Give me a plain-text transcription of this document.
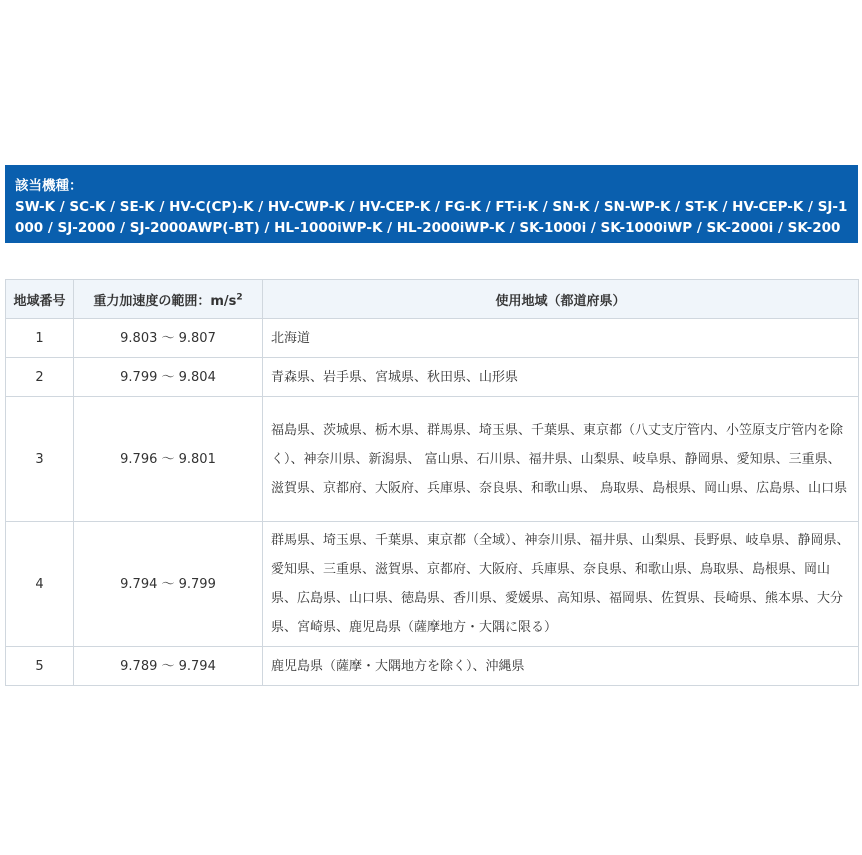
該当機種：
SW-K / SC-K / SE-K / HV-C(CP)-K / HV-CWP-K / HV-CEP-K / FG-K / FT-i-K / SN-K / SN-WP-K / ST-K / HV-CEP-K / SJ-1000 / SJ-2000 / SJ-2000AWP(-BT) / HL-1000iWP-K / HL-2000iWP-K / SK-1000i / SK-1000iWP / SK-2000i / SK-2000iWP
地域番号	重力加速度の範囲：$m/s^2$	使用地域（都道府県）
1	9.803 ～ 9.807	北海道
2	9.799 ～ 9.804	青森県、岩手県、宮城県、秋田県、山形県
3	9.796 ～ 9.801	福島県、茨城県、栃木県、群馬県、埼玉県、千葉県、東京都（八丈支庁管内、小笠原支庁管内を除く）、神奈川県、新潟県、 富山県、石川県、福井県、山梨県、岐阜県、静岡県、愛知県、三重県、滋賀県、京都府、大阪府、兵庫県、奈良県、和歌山県、 鳥取県、島根県、岡山県、広島県、山口県
4	9.794 ～ 9.799	群馬県、埼玉県、千葉県、東京都（全域）、神奈川県、福井県、山梨県、長野県、岐阜県、静岡県、愛知県、三重県、滋賀県、京都府、大阪府、兵庫県、奈良県、和歌山県、鳥取県、島根県、岡山県、広島県、山口県、徳島県、香川県、愛媛県、高知県、福岡県、佐賀県、長崎県、熊本県、大分県、宮崎県、鹿児島県（薩摩地方・大隅に限る）
5	9.789 ～ 9.794	鹿児島県（薩摩・大隅地方を除く）、沖縄県
